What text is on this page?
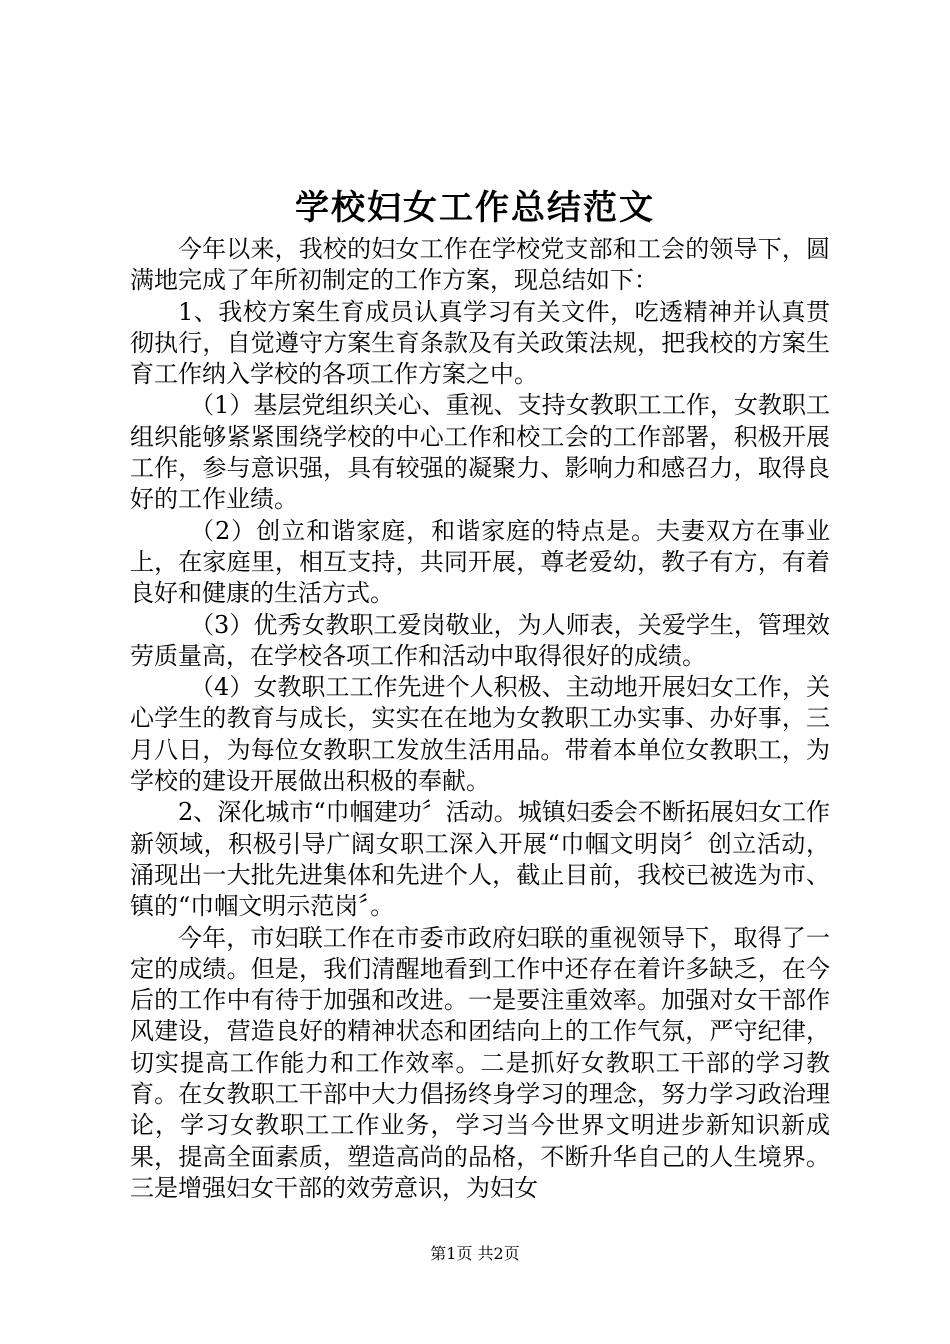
学校妇女工作总结范文

今年以来，我校的妇女工作在学校党支部和工会的领导下，圆满地完成了年所初制定的工作方案，现总结如下：

1、我校方案生育成员认真学习有关文件，吃透精神并认真贯彻执行，自觉遵守方案生育条款及有关政策法规，把我校的方案生育工作纳入学校的各项工作方案之中。

（1）基层党组织关心、重视、支持女教职工工作，女教职工组织能够紧紧围绕学校的中心工作和校工会的工作部署，积极开展工作，参与意识强，具有较强的凝聚力、影响力和感召力，取得良好的工作业绩。

（2）创立和谐家庭，和谐家庭的特点是。夫妻双方在事业上，在家庭里，相互支持，共同开展，尊老爱幼，教子有方，有着良好和健康的生活方式。

（3）优秀女教职工爱岗敬业，为人师表，关爱学生，管理效劳质量高，在学校各项工作和活动中取得很好的成绩。

（4）女教职工工作先进个人积极、主动地开展妇女工作，关心学生的教育与成长，实实在在地为女教职工办实事、办好事，三月八日，为每位女教职工发放生活用品。带着本单位女教职工，为学校的建设开展做出积极的奉献。

2、深化城市“巾帼建功〞活动。城镇妇委会不断拓展妇女工作新领域，积极引导广阔女职工深入开展“巾帼文明岗〞创立活动，涌现出一大批先进集体和先进个人，截止目前，我校已被选为市、镇的“巾帼文明示范岗〞。

今年，市妇联工作在市委市政府妇联的重视领导下，取得了一定的成绩。但是，我们清醒地看到工作中还存在着许多缺乏，在今后的工作中有待于加强和改进。一是要注重效率。加强对女干部作风建设，营造良好的精神状态和团结向上的工作气氛，严守纪律，切实提高工作能力和工作效率。二是抓好女教职工干部的学习教育。在女教职工干部中大力倡扬终身学习的理念，努力学习政治理论，学习女教职工工作业务，学习当今世界文明进步新知识新成果，提高全面素质，塑造高尚的品格，不断升华自己的人生境界。三是增强妇女干部的效劳意识，为妇女

第1页 共2页
